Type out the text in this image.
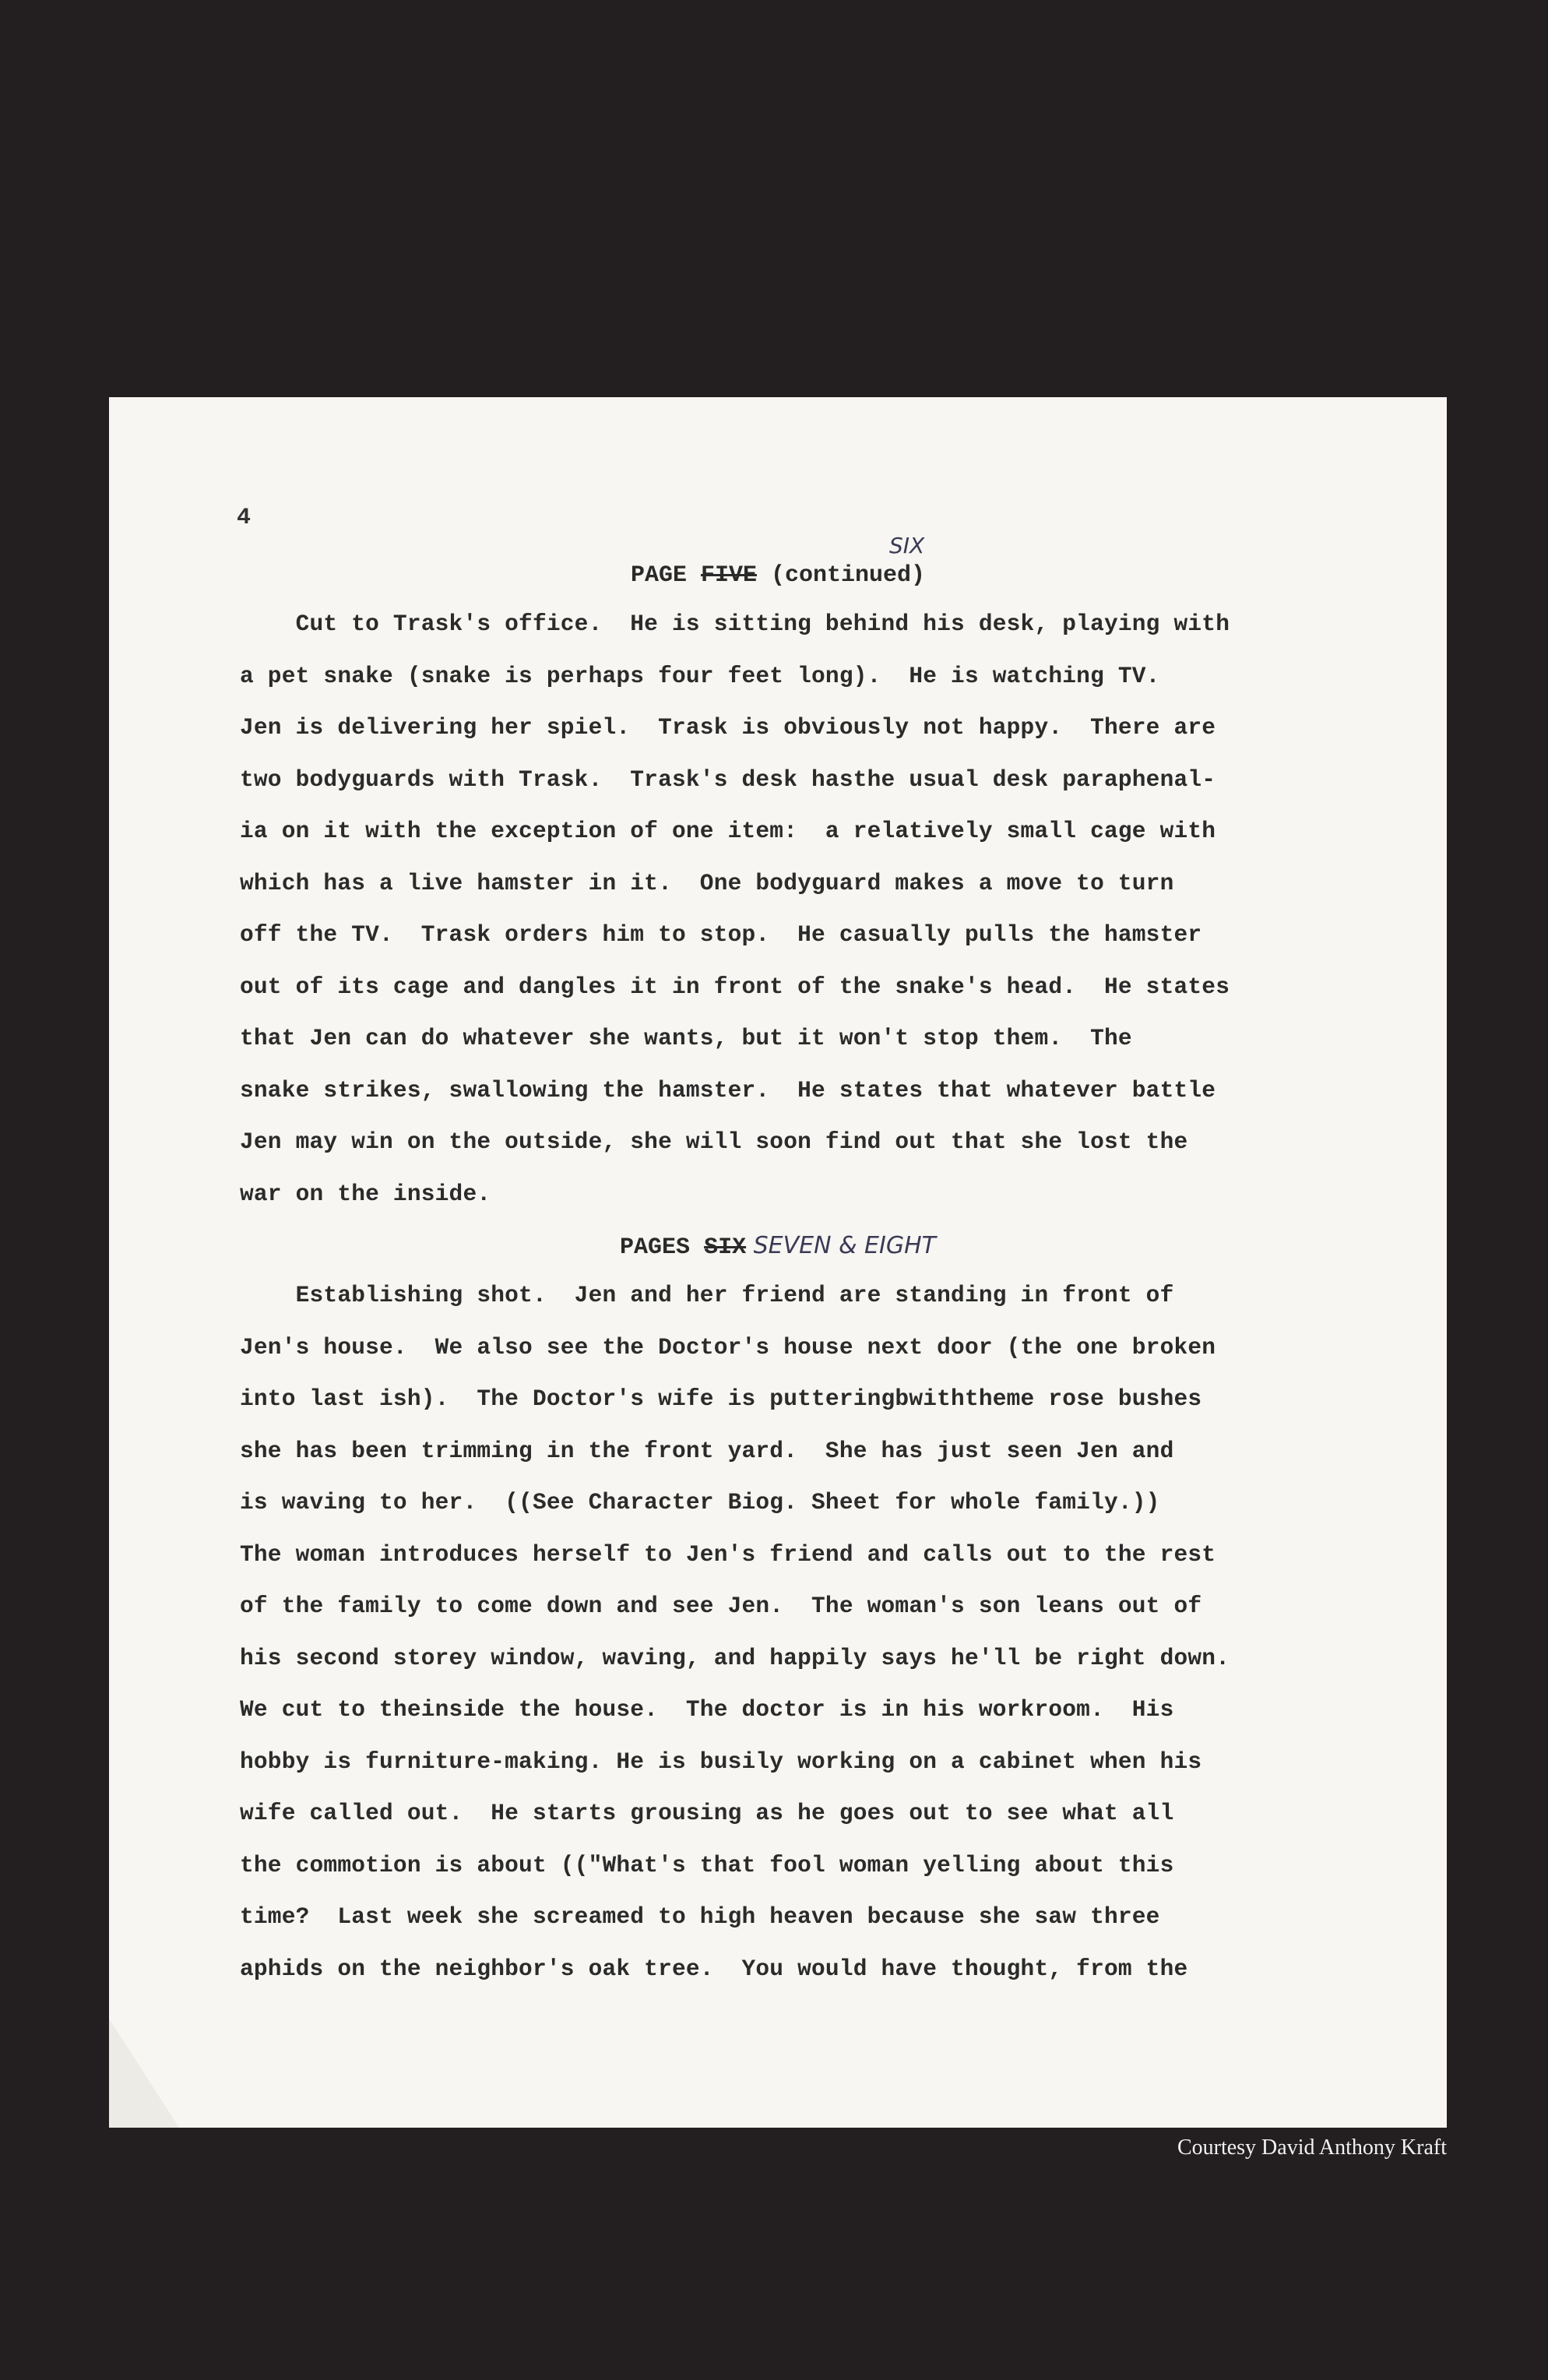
4
SIX
PAGE FIVE (continued)
Cut to Trask's office.  He is sitting behind his desk, playing with
a pet snake (snake is perhaps four feet long).  He is watching TV.
Jen is delivering her spiel.  Trask is obviously not happy.  There are
two bodyguards with Trask.  Trask's desk hasthe usual desk paraphenal-
ia on it with the exception of one item:  a relatively small cage with
which has a live hamster in it.  One bodyguard makes a move to turn
off the TV.  Trask orders him to stop.  He casually pulls the hamster
out of its cage and dangles it in front of the snake's head.  He states
that Jen can do whatever she wants, but it won't stop them.  The
snake strikes, swallowing the hamster.  He states that whatever battle
Jen may win on the outside, she will soon find out that she lost the
war on the inside.
PAGES SIX SEVEN & EIGHT
Establishing shot.  Jen and her friend are standing in front of
Jen's house.  We also see the Doctor's house next door (the one broken
into last ish).  The Doctor's wife is putteringbwiththeme rose bushes
she has been trimming in the front yard.  She has just seen Jen and
is waving to her.  ((See Character Biog. Sheet for whole family.))
The woman introduces herself to Jen's friend and calls out to the rest
of the family to come down and see Jen.  The woman's son leans out of
his second storey window, waving, and happily says he'll be right down.
We cut to theinside the house.  The doctor is in his workroom.  His
hobby is furniture-making. He is busily working on a cabinet when his
wife called out.  He starts grousing as he goes out to see what all
the commotion is about (("What's that fool woman yelling about this
time?  Last week she screamed to high heaven because she saw three
aphids on the neighbor's oak tree.  You would have thought, from the
Courtesy David Anthony Kraft
